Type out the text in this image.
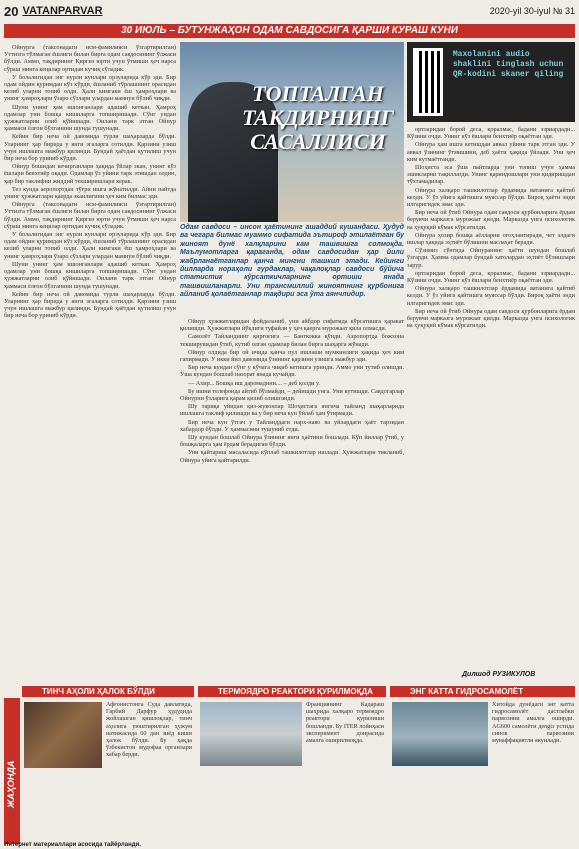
20 VATANPARVAR	2020-yil 30-iyul № 31
30 ИЮЛЬ – БУТУНЖАҲОН ОДАМ САВДОСИГА ҚАРШИ КУРАШ КУНИ

Ойнурга (таксонадаги исм-фамилияси ўзгартирилган) Уттизга тўлмаган ёшлиги билан бирга одам савдосининг ўлжаси бўлди. Аммо, тақдирнинг Қиргиз юрти учун ўтмиши ҳеч нарса сўраш минга кеңилар ортидан кучиқ сўладик.

У болалигидан энг нурли кунлари орзуларида кўр эди. Бир одам ойдин қуримдан кўз кўрди, ёшланиб тўрлашнинг орасидан келиб уларни топиб олди. Ҳали кимгаки ёш ҳамроҳлари ва унинг ҳамроҳлари ўзаро сўзлари улардан мамнун бўлиб чиқди.

Шуни унинг ҳам ишонганлари адашиб кеткан. Ҳамроҳ одамлар уни бошқа кишиларга топширишади. Сўнг ундан ҳужжатларни олиб қўйишади. Оилани тарк этган Ойнур ҳаммаси ёлғон бўлганини шунда тушунади.

Кейин бир неча ой давомида турли шаҳарларда бўлди. Уларнинг ҳар бирида у янги эгаларга сотилди. Қарзини узиш учун ишлашга мажбур қилинди. Бундай ҳаётдан қутилиш учун бир неча бор уриниб кўрди.

Ойнур бошидан кечирганлари ҳақида ўйлар экан, унинг кўз ёшлари беихтиёр оқади. Одамлар ўз уйини тарк этишдан олдин, ҳар бир таклифни жиддий текширишлари керак.

Тез кунда аеропортдан тўғри ишга жўнатилди. Айни пайтда унинг ҳужжатлари қаерда эканлигини ҳеч ким билмас эди.

Ойнурга (таксонадаги исм-фамилияси ўзгартирилган) Уттизга тўлмаган ёшлиги билан бирга одам савдосининг ўлжаси бўлди. Аммо, тақдирнинг Қиргиз юрти учун ўтмиши ҳеч нарса сўраш минга кеңилар ортидан кучиқ сўладик.

У болалигидан энг нурли кунлари орзуларида кўр эди. Бир одам ойдин қуримдан кўз кўрди, ёшланиб тўрлашнинг орасидан келиб уларни топиб олди. Ҳали кимгаки ёш ҳамроҳлари ва унинг ҳамроҳлари ўзаро сўзлари улардан мамнун бўлиб чиқди.

Шуни унинг ҳам ишонганлари адашиб кеткан. Ҳамроҳ одамлар уни бошқа кишиларга топширишади. Сўнг ундан ҳужжатларни олиб қўйишади. Оилани тарк этган Ойнур ҳаммаси ёлғон бўлганини шунда тушунади.

Кейин бир неча ой давомида турли шаҳарларда бўлди. Уларнинг ҳар бирида у янги эгаларга сотилди. Қарзини узиш учун ишлашга мажбур қилинди. Бундай ҳаётдан қутилиш учун бир неча бор уриниб кўрди.

ТОПТАЛГАН ТАҚДИРНИНГ САСАЛЛИСИ
Maxolanini audio shaklini tinglash uchun QR-kodini skaner qiling

ортларидан борой деса, қоралмас, бадани эзриардади... Кўзини очди. Унинг кўз ёшлари беихтиёр оқаётган эди.

Ойнура ҳам ишга кетишдан аввал уйини тарк этган эди. У аввал ўзининг ўтмишини, деб ҳаёти ҳақида ўйлади. Уни ҳеч ким кутмаётганди.

Шоҳиста эса ўша пайтларда уни топиш учун ҳамма эшикларни тақиллатди. Унинг қариндошлари уни қидиришдан тўхтамадилар.

Ойнура халқаро ташкилотлар ёрдамида ватанига қайтиб келди. У ўз уйига қайтишга муяссар бўлди. Бироқ ҳаёти энди илгаригидек эмас эди.

Бир неча ой ўтиб Ойнура одам савдоси қурбонларига ёрдам берувчи марказга мурожаат қилди. Марказда унга психологик ва ҳуқуқий кўмак кўрсатилди.

Ойнура ҳозир бошқа аёлларни огоҳлантиради, чет элдаги ишлар ҳақида эҳтиёт бўлишни маслаҳат беради.

Сўзимиз сўнгида Ойнуранинг ҳаёти шундан бошлаб ўзгарди. Ҳамма одамлар бундай хатолардан эҳтиёт бўлишлари зарур.

ортларидан борой деса, қоралмас, бадани эзриардади... Кўзини очди. Унинг кўз ёшлари беихтиёр оқаётган эди.

Ойнура халқаро ташкилотлар ёрдамида ватанига қайтиб келди. У ўз уйига қайтишга муяссар бўлди. Бироқ ҳаёти энди илгаригидек эмас эди.

Бир неча ой ўтиб Ойнура одам савдоси қурбонларига ёрдам берувчи марказга мурожаат қилди. Марказда унга психологик ва ҳуқуқий кўмак кўрсатилди.

Одам савдоси – инсон ҳаётининг ашаддий кушандаси. Ҳудуд ва чегара билмас муаммо сифатида эътироф этилаётган бу жиноят дунё халқларини кам ташвишга солмоқда. Маълумотларга қараганда, одам савдосидан ҳар йили жабрланаётганлар қанча мингни ташкил этади. Кейинги йилларда нораҳоли гурдаклар, чақалоқлар савдоси бўйича статистик кўрсаткичларнинг ортиши янада ташвишланарли. Уни трансмиллий жиноятнинг қурбонига айланиб қолаётганлар тақдири эса ўта аянчлидир.

Ойнур ҳужжатларидан фойдаланиб, уни айбдор сифатида кўрсатишга ҳаракат қилишди. Ҳужжатлари йўқлиги туфайли у ҳеч қаерга мурожаат қила олмасди.

Самолёт Тайланднинг қирғоғига — Бангкокка қўнди. Аэропортда божхона текширувидан ўтиб, кутиб олган одамлар билан бирга шаҳарга жўнади.

Ойнур олдида бир ой ичида қанча пул ишлаши мумкинлиги ҳақида ҳеч ким гапирмади. У икки йил давомида ўзининг қарзини узишга мажбур эди.

Бир неча кундан сўнг у кўчага чиқиб кетишга уринди. Аммо уни тутиб олишди. Ўша кундан бошлаб назорат янада кучайди.

— Ахир... Бошқа иш даромадини.... – деб қолди у.

Бу ишни телефонда айтиб бўлмайди, – дейишди унга. Уни кутишди. Савдогарлар Ойнурни ўзларига қарам қилиб олишганди.

Шу тариқа уйидан қиз-жувонлар Шоҳистага янгича тайланд шаҳарларида ишлашга таклиф қилишди ва у бир неча кун ўйлаб ҳам ўтирмади.

Бир неча кун ўтгач у Тайланддаги нарх-наво ва уйлардаги ҳаёт тарзидан хабардор бўлди. У ҳаммасини тушуниб етди.

Шу кундан бошлаб Ойнура ўзининг янги ҳаётини бошлади. Кўп йиллар ўтиб, у бошқаларга ҳам ёрдам берадиган бўлди.

Уни қайтариш масаласида кўплаб ташкилотлар ишлади. Ҳужжатлари тикланиб, Ойнура уйига қайтарилди.

Дилшод РУЗИКУЛОВ
ЖАҲОНДА
ТИНЧ АҲОЛИ ҲАЛОК БЎЛДИ
Афғонистонга Суда давлатида, Гарбий Дарфур ҳудудида жойлашган қишлоқлар, тинч аҳолига уюштирилган ҳужум натижасида 60 дан зиёд киши ҳалок бўлди. Бу ҳақда ўзбекистон мудофаа органлари хабар берди.
ТЕРМОЯДРО РЕАКТОРИ ҚУРИЛМОҚДА
Франциянинг Кадараш шаҳрида халқаро термоядро реактори қурилиши бошланди. Бу ITER лойиҳаси эксперимент доирасида амалга оширилмоқда.
ЭНГ КАТТА ГИДРОСАМОЛЁТ
Хитойда дунёдаги энг катта гидросамолёт дастлабки парвозини амалга оширди. AG600 самолёти дengiз устида синов парвозини муваффақиятли якунлади.
Интернет материаллари асосида тайёрланди.
